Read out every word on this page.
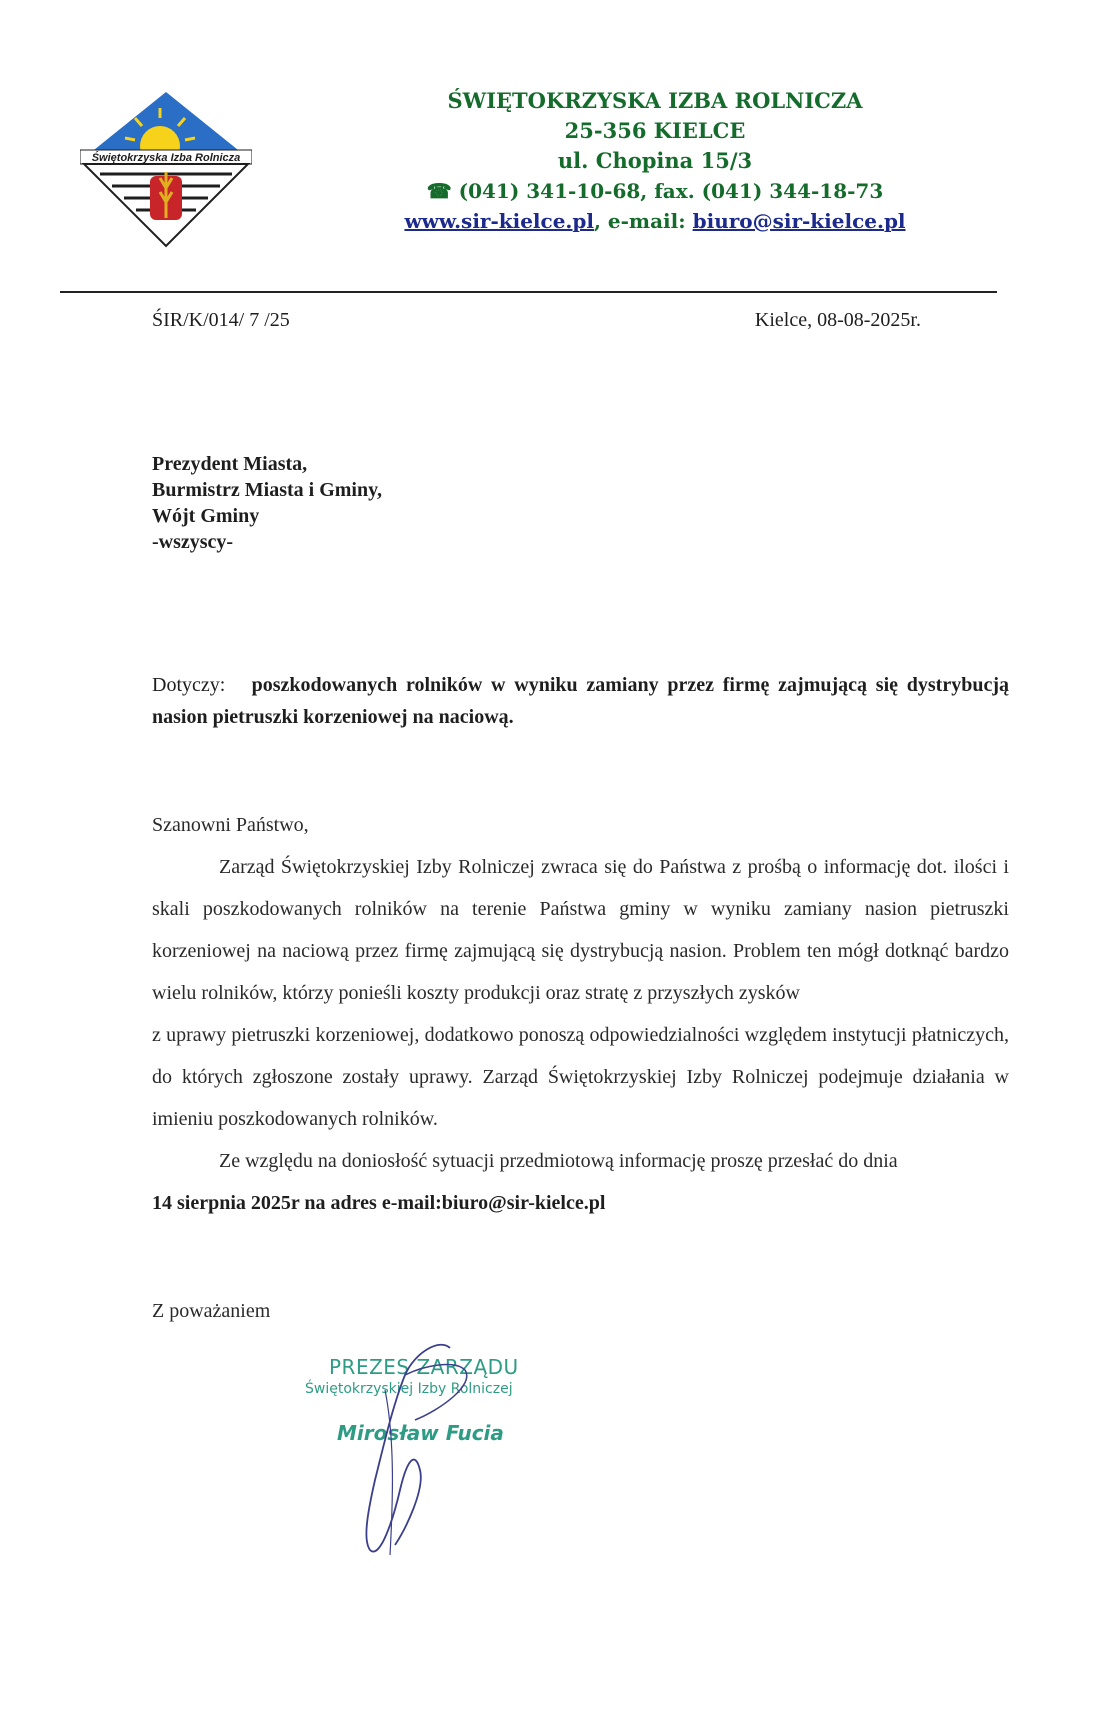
Świętokrzyska Izba Rolnicza
ŚWIĘTOKRZYSKA IZBA ROLNICZA
25-356 KIELCE
ul. Chopina 15/3
☎ (041) 341-10-68, fax. (041) 344-18-73
www.sir-kielce.pl, e-mail: biuro@sir-kielce.pl
ŚIR/K/014/ 7 /25	Kielce, 08-08-2025r.
Prezydent Miasta,
Burmistrz Miasta i Gminy,
Wójt Gminy
-wszyscy-
Dotyczy: poszkodowanych rolników w wyniku zamiany przez firmę zajmującą się dystrybucją nasion pietruszki korzeniowej na naciową.

Szanowni Państwo,

Zarząd Świętokrzyskiej Izby Rolniczej zwraca się do Państwa z prośbą o informację dot. ilości i skali poszkodowanych rolników na terenie Państwa gminy w wyniku zamiany nasion pietruszki korzeniowej na naciową przez firmę zajmującą się dystrybucją nasion. Problem ten mógł dotknąć bardzo wielu rolników, którzy ponieśli koszty produkcji oraz stratę z przyszłych zysków

z uprawy pietruszki korzeniowej, dodatkowo ponoszą odpowiedzialności względem instytucji płatniczych, do których zgłoszone zostały uprawy. Zarząd Świętokrzyskiej Izby Rolniczej podejmuje działania w imieniu poszkodowanych rolników.

Ze względu na doniosłość sytuacji przedmiotową informację proszę przesłać do dnia

14 sierpnia 2025r na adres e-mail:biuro@sir-kielce.pl

Z poważaniem
PREZES ZARZĄDU
Świętokrzyskiej Izby Rolniczej
Mirosław Fucia
